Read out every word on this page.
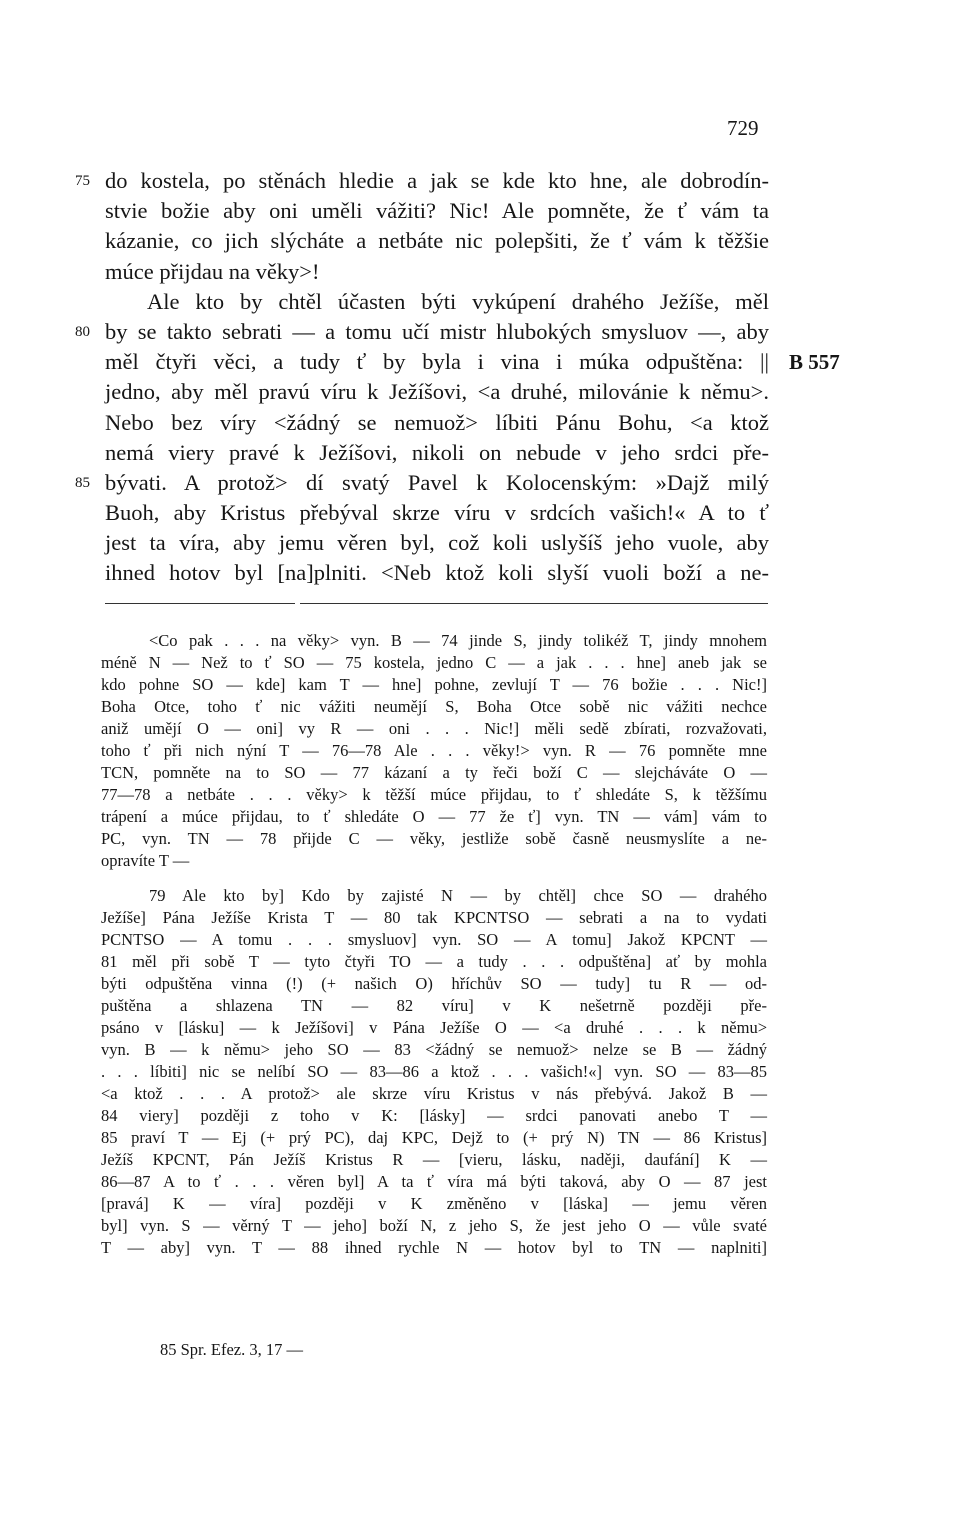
729
75 do kostela, po stěnách hledie a jak se kde kto hne, ale dobrodín-
stvie božie aby oni uměli vážiti? Nic! Ale pomněte, že ť vám ta
kázanie, co jich slýcháte a netbáte nic polepšiti, že ť vám k těžšie
múce přijdau na věky>!
Ale kto by chtěl účasten býti vykúpení drahého Ježíše, měl
80 by se takto sebrati — a tomu učí mistr hlubokých smysluov —, aby
měl čtyři věci, a tudy ť by byla i vina i múka odpuštěna: || B 557
jedno, aby měl pravú víru k Ježíšovi, <a druhé, milovánie k němu>.
Nebo bez víry <žádný se nemuož> líbiti Pánu Bohu, <a ktož
nemá viery pravé k Ježíšovi, nikoli on nebude v jeho srdci pře-
85 bývati. A protož> dí svatý Pavel k Kolocenským: »Dajž milý
Buoh, aby Kristus přebýval skrze víru v srdcích vašich!« A to ť
jest ta víra, aby jemu věren byl, což koli uslyšíš jeho vuole, aby
ihned hotov byl [na]plniti. <Neb ktož koli slyší vuoli boží a ne-
<Co pak . . . na věky> vyn. B — 74 jinde S, jindy tolikéž T, jindy mnohem
méně N — Než to ť SO — 75 kostela, jedno C — a jak . . . hne] aneb jak se
kdo pohne SO — kde] kam T — hne] pohne, zevlují T — 76 božie . . . Nic!]
Boha Otce, toho ť nic vážiti neumějí S, Boha Otce sobě nic vážiti nechce
aniž umějí O — oni] vy R — oni . . . Nic!] měli sedě zbírati, rozvažovati,
toho ť při nich nýní T — 76—78 Ale . . . věky!> vyn. R — 76 pomněte mne
TCN, pomněte na to SO — 77 kázaní a ty řeči boží C — slejcháváte O —
77—78 a netbáte . . . věky> k těžší múce přijdau, to ť shledáte S, k těžšímu
trápení a múce přijdau, to ť shledáte O — 77 že ť] vyn. TN — vám] vám to
PC, vyn. TN — 78 přijde C — věky, jestliže sobě časně neusmyslíte a ne-
opravíte T —
79 Ale kto by] Kdo by zajisté N — by chtěl] chce SO — drahého
Ježíše] Pána Ježíše Krista T — 80 tak KPCNTSO — sebrati a na to vydati
PCNTSO — A tomu . . . smysluov] vyn. SO — A tomu] Jakož KPCNT —
81 měl při sobě T — tyto čtyři TO — a tudy . . . odpuštěna] ať by mohla
býti odpuštěna vinna (!) (+ našich O) hříchův SO — tudy] tu R — od-
puštěna a shlazena TN — 82 víru] v K nešetrně později pře-
psáno v [lásku] — k Ježíšovi] v Pána Ježíše O — <a druhé . . . k němu>
vyn. B — k němu> jeho SO — 83 <žádný se nemuož> nelze se B — žádný
. . . líbiti] nic se nelíbí SO — 83—86 a ktož . . . vašich!«] vyn. SO — 83—85
<a ktož . . . A protož> ale skrze víru Kristus v nás přebývá. Jakož B —
84 viery] později z toho v K: [lásky] — srdci panovati anebo T —
85 praví T — Ej (+ prý PC), daj KPC, Dejž to (+ prý N) TN — 86 Kristus]
Ježíš KPCNT, Pán Ježíš Kristus R — [vieru, lásku, naději, daufání] K —
86—87 A to ť . . . věren byl] A ta ť víra má býti taková, aby O — 87 jest
[pravá] K — víra] později v K změněno v [láska] — jemu věren
byl] vyn. S — věrný T — jeho] boží N, z jeho S, že jest jeho O — vůle svaté
T — aby] vyn. T — 88 ihned rychle N — hotov byl to TN — naplniti]
85 Spr. Efez. 3, 17 —
